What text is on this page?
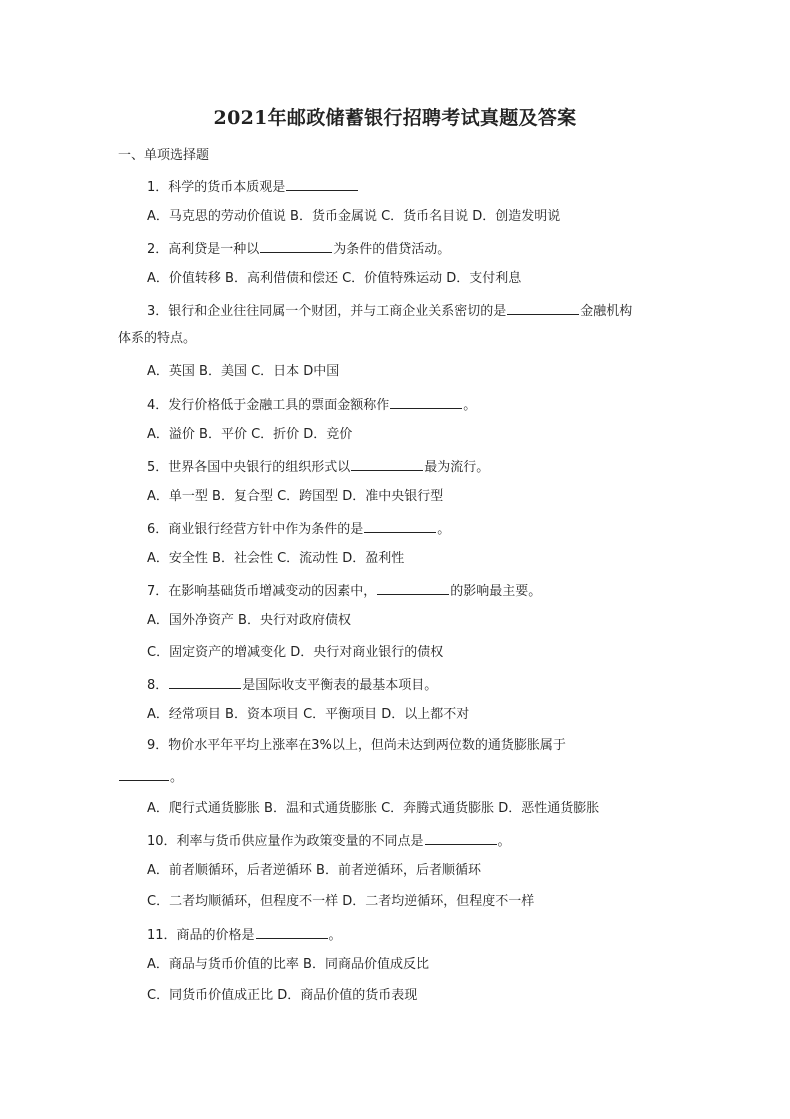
2021年邮政储蓄银行招聘考试真题及答案
一、单项选择题
1．科学的货币本质观是
A．马克思的劳动价值说 B．货币金属说 C．货币名目说 D．创造发明说
2．高利贷是一种以	为条件的借贷活动。
A．价值转移 B．高利借债和偿还 C．价值特殊运动 D．支付利息
3．银行和企业往往同属一个财团，并与工商企业关系密切的是	金融机构
体系的特点。
A．英国 B．美国 C．日本 D中国
4．发行价格低于金融工具的票面金额称作	。
A．溢价 B．平价 C．折价 D．竞价
5．世界各国中央银行的组织形式以	最为流行。
A．单一型 B．复合型 C．跨国型 D．准中央银行型
6．商业银行经营方针中作为条件的是	。
A．安全性 B．社会性 C．流动性 D．盈利性
7．在影响基础货币增减变动的因素中，	的影响最主要。
A．国外净资产 B．央行对政府债权
C．固定资产的增减变化 D．央行对商业银行的债权
8．	是国际收支平衡表的最基本项目。
A．经常项目 B．资本项目 C．平衡项目 D．以上都不对
9．物价水平年平均上涨率在3%以上，但尚未达到两位数的通货膨胀属于
。
A．爬行式通货膨胀 B．温和式通货膨胀 C．奔腾式通货膨胀 D．恶性通货膨胀
10．利率与货币供应量作为政策变量的不同点是	。
A．前者顺循环，后者逆循环 B．前者逆循环，后者顺循环
C．二者均顺循环，但程度不一样 D．二者均逆循环，但程度不一样
11．商品的价格是	。
A．商品与货币价值的比率 B．同商品价值成反比
C．同货币价值成正比 D．商品价值的货币表现
